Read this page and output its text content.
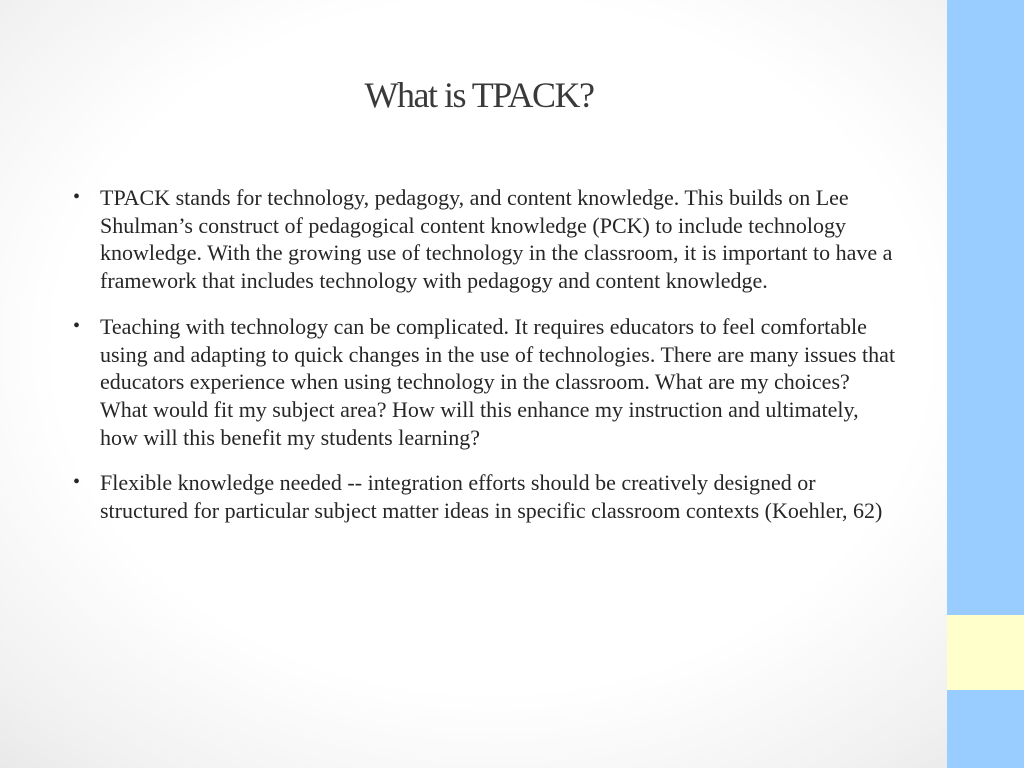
What is TPACK?
• TPACK stands for technology, pedagogy, and content knowledge. This builds on Lee Shulman’s construct of pedagogical content knowledge (PCK) to include technology knowledge. With the growing use of technology in the classroom, it is important to have a framework that includes technology with pedagogy and content knowledge.
• Teaching with technology can be complicated. It requires educators to feel comfortable using and adapting to quick changes in the use of technologies. There are many issues that educators experience when using technology in the classroom. What are my choices? What would fit my subject area? How will this enhance my instruction and ultimately, how will this benefit my students learning?
• Flexible knowledge needed -- integration efforts should be creatively designed or structured for particular subject matter ideas in specific classroom contexts (Koehler, 62)
